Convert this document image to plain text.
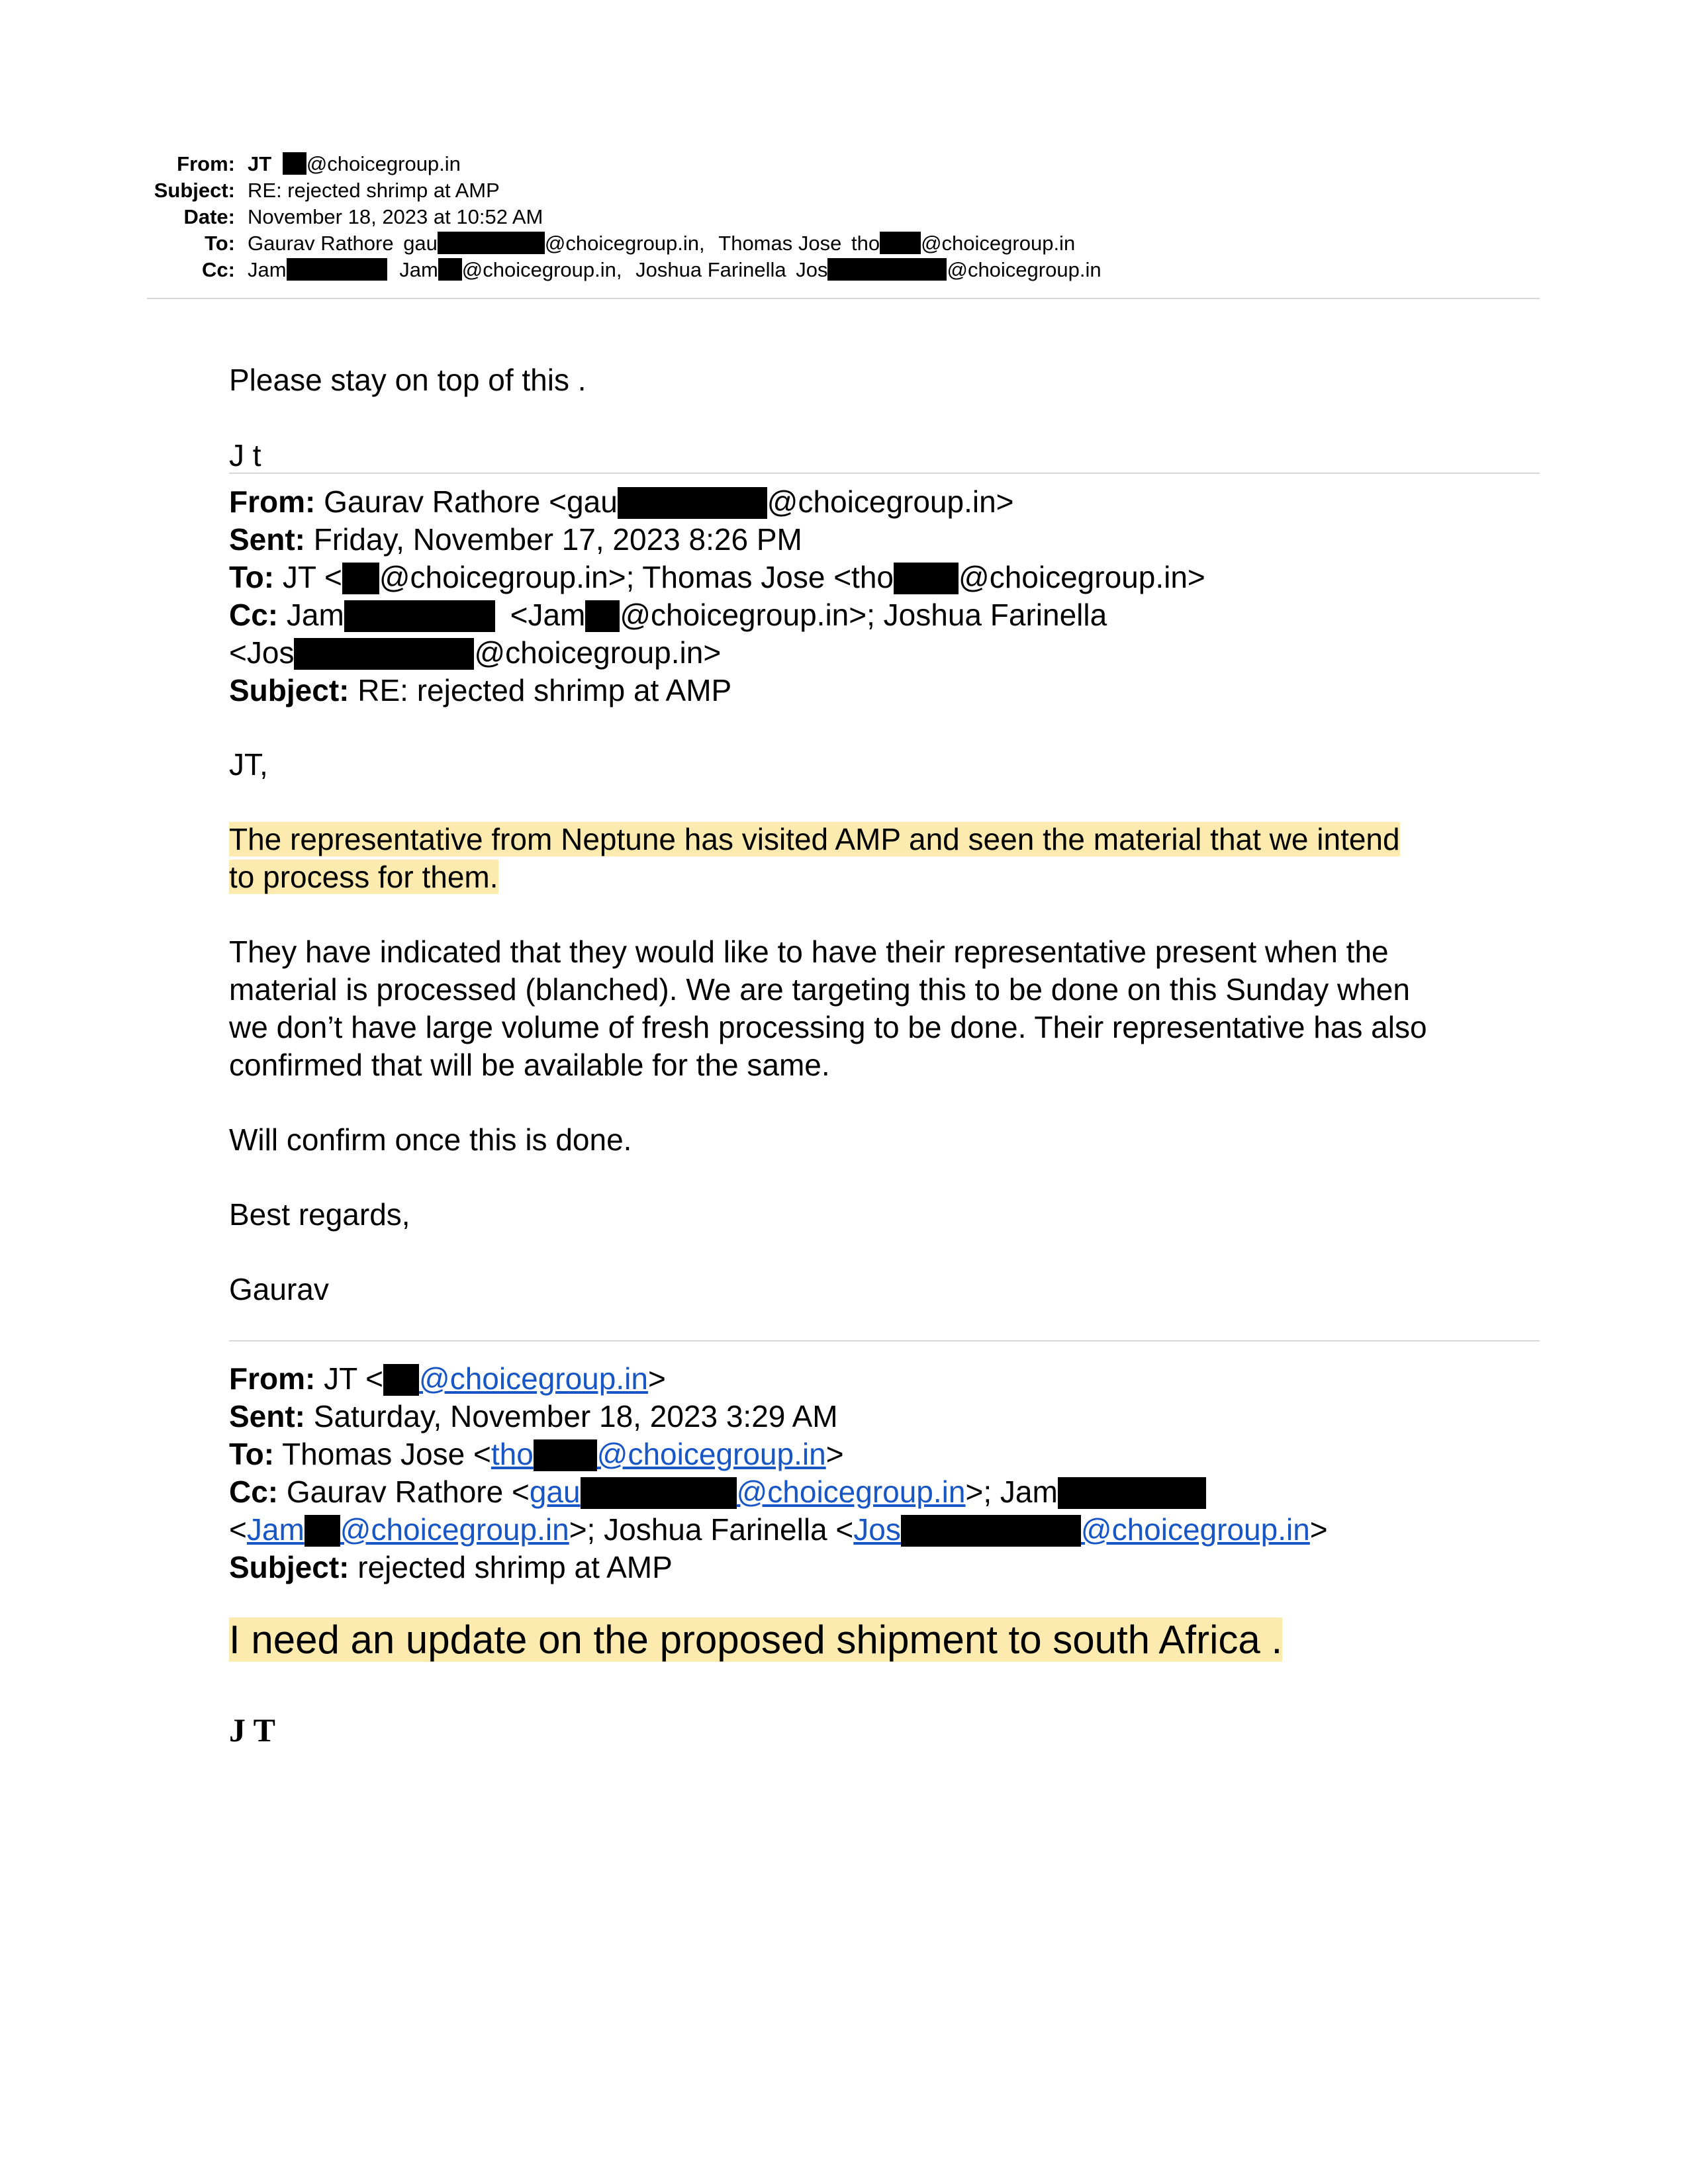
From: JT @choicegroup.in
Subject: RE: rejected shrimp at AMP
Date: November 18, 2023 at 10:52 AM
To: Gaurav Rathore gau	@choicegroup.in, Thomas Jose tho @choicegroup.in
Cc: Jam	Jam @choicegroup.in, Joshua Farinella Jos	@choicegroup.in
Please stay on top of this .
J t
From: Gaurav Rathore <gau	@choicegroup.in>
Sent: Friday, November 17, 2023 8:26 PM
To: JT < @choicegroup.in>; Thomas Jose <tho @choicegroup.in>
Cc: Jam	<Jam @choicegroup.in>; Joshua Farinella
<Jos	@choicegroup.in>
Subject: RE: rejected shrimp at AMP
JT,
The representative from Neptune has visited AMP and seen the material that we intend
to process for them.
They have indicated that they would like to have their representative present when the
material is processed (blanched). We are targeting this to be done on this Sunday when
we don’t have large volume of fresh processing to be done. Their representative has also
confirmed that will be available for the same.
Will confirm once this is done.
Best regards,
Gaurav
From: JT < @choicegroup.in>
Sent: Saturday, November 18, 2023 3:29 AM
To: Thomas Jose <tho @choicegroup.in>
Cc: Gaurav Rathore <gau	@choicegroup.in>; Jam
<Jam @choicegroup.in>; Joshua Farinella <Jos	@choicegroup.in>
Subject: rejected shrimp at AMP
I need an update on the proposed shipment to south Africa .
J T
